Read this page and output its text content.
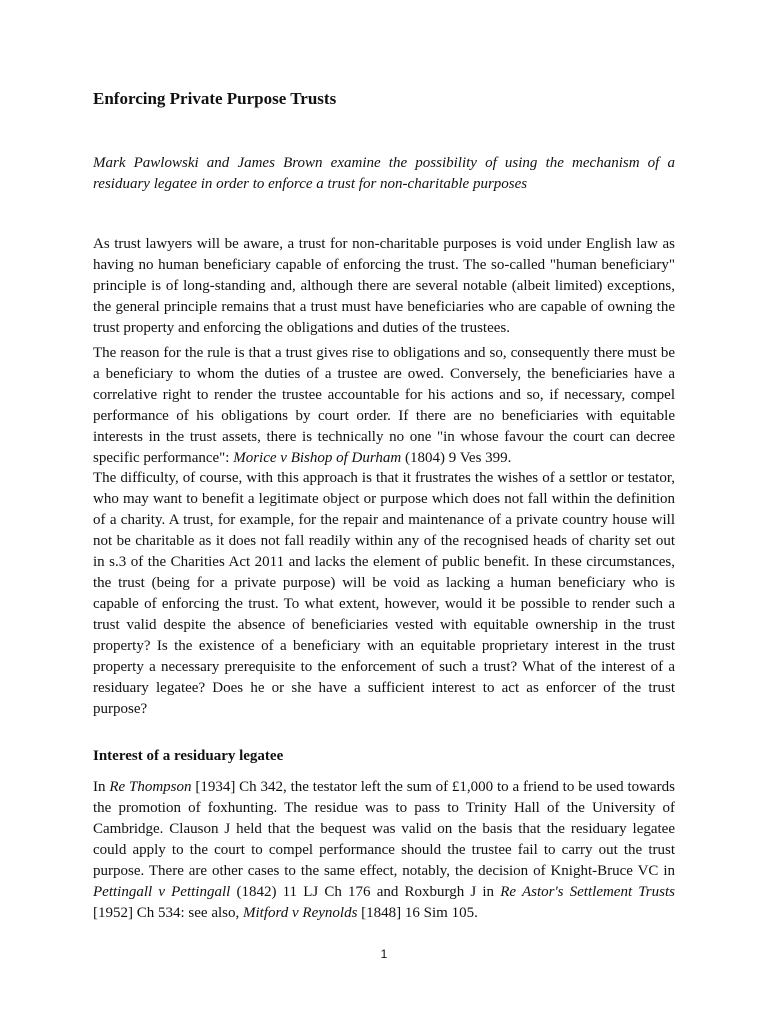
Enforcing Private Purpose Trusts

Mark Pawlowski and James Brown examine the possibility of using the mechanism of a residuary legatee in order to enforce a trust for non-charitable purposes

As trust lawyers will be aware, a trust for non-charitable purposes is void under English law as having no human beneficiary capable of enforcing the trust. The so-called "human beneficiary" principle is of long-standing and, although there are several notable (albeit limited) exceptions, the general principle remains that a trust must have beneficiaries who are capable of owning the trust property and enforcing the obligations and duties of the trustees.

The reason for the rule is that a trust gives rise to obligations and so, consequently there must be a beneficiary to whom the duties of a trustee are owed. Conversely, the beneficiaries have a correlative right to render the trustee accountable for his actions and so, if necessary, compel performance of his obligations by court order. If there are no beneficiaries with equitable interests in the trust assets, there is technically no one "in whose favour the court can decree specific performance": Morice v Bishop of Durham (1804) 9 Ves 399.

The difficulty, of course, with this approach is that it frustrates the wishes of a settlor or testator, who may want to benefit a legitimate object or purpose which does not fall within the definition of a charity. A trust, for example, for the repair and maintenance of a private country house will not be charitable as it does not fall readily within any of the recognised heads of charity set out in s.3 of the Charities Act 2011 and lacks the element of public benefit. In these circumstances, the trust (being for a private purpose) will be void as lacking a human beneficiary who is capable of enforcing the trust. To what extent, however, would it be possible to render such a trust valid despite the absence of beneficiaries vested with equitable ownership in the trust property? Is the existence of a beneficiary with an equitable proprietary interest in the trust property a necessary prerequisite to the enforcement of such a trust? What of the interest of a residuary legatee? Does he or she have a sufficient interest to act as enforcer of the trust purpose?

Interest of a residuary legatee

In Re Thompson [1934] Ch 342, the testator left the sum of £1,000 to a friend to be used towards the promotion of foxhunting. The residue was to pass to Trinity Hall of the University of Cambridge. Clauson J held that the bequest was valid on the basis that the residuary legatee could apply to the court to compel performance should the trustee fail to carry out the trust purpose. There are other cases to the same effect, notably, the decision of Knight-Bruce VC in Pettingall v Pettingall (1842) 11 LJ Ch 176 and Roxburgh J in Re Astor's Settlement Trusts [1952] Ch 534: see also, Mitford v Reynolds [1848] 16 Sim 105.

1
